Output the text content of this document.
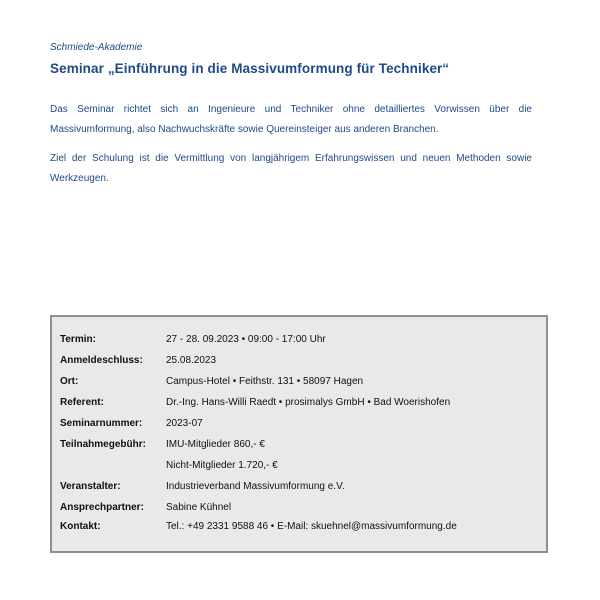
Schmiede-Akademie
Seminar „Einführung in die Massivumformung für Techniker“

Das Seminar richtet sich an Ingenieure und Techniker ohne detailliertes Vorwissen über die Massivumformung, also Nachwuchskräfte sowie Quereinsteiger aus anderen Branchen.

Ziel der Schulung ist die Vermittlung von langjährigem Erfahrungswissen und neuen Methoden sowie Werkzeugen.

Termin:	27 - 28. 09.2023 • 09:00 - 17:00 Uhr
Anmeldeschluss:	25.08.2023
Ort:	Campus-Hotel • Feithstr. 131 • 58097 Hagen
Referent:	Dr.-Ing. Hans-Willi Raedt • prosimalys GmbH • Bad Woerishofen
Seminarnummer:	2023-07
Teilnahmegebühr:	IMU-Mitglieder 860,- €
Nicht-Mitglieder 1.720,- €
Veranstalter:	Industrieverband Massivumformung e.V.
Ansprechpartner:	Sabine Kühnel
Kontakt:	Tel.: +49 2331 9588 46 • E-Mail: skuehnel@massivumformung.de
